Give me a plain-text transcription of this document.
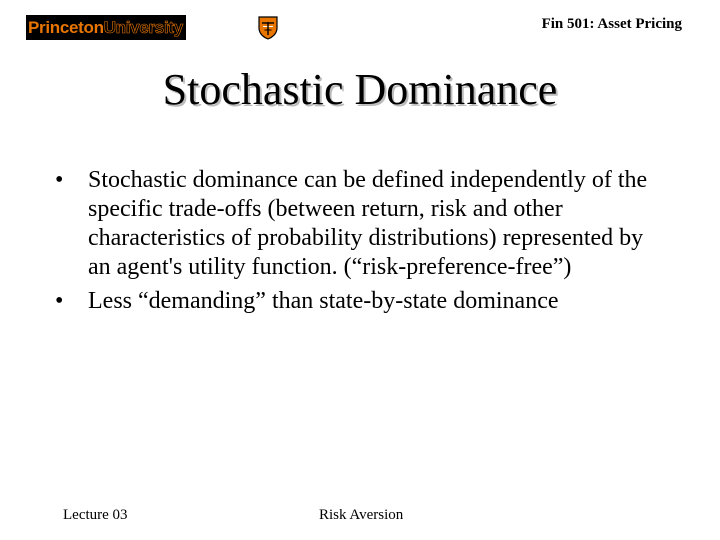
PrincetonUniversity	Fin 501: Asset Pricing
Stochastic Dominance
• Stochastic dominance can be defined independently of the specific trade-offs (between return, risk and other characteristics of probability distributions) represented by an agent's utility function. (“risk-preference-free”)
• Less “demanding” than state-by-state dominance
Lecture 03	Risk Aversion
